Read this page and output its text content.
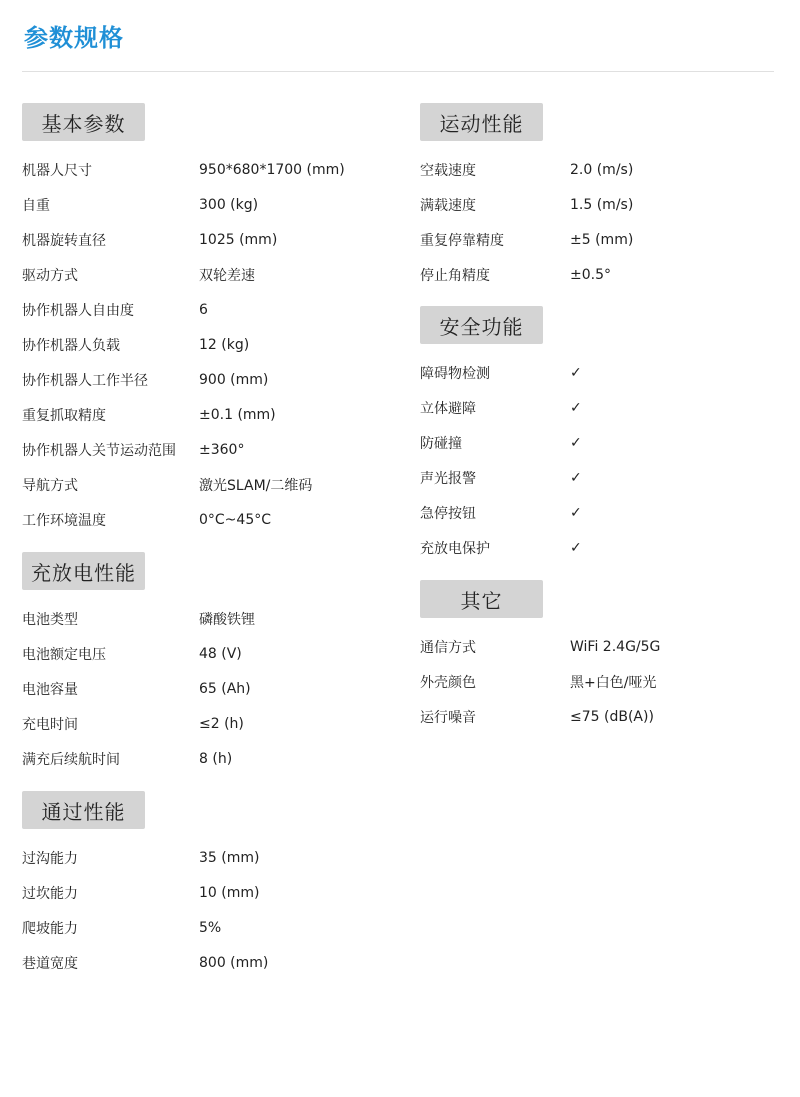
参数规格
基本参数
机器人尺寸	950*680*1700 (mm)
自重	300 (kg)
机器旋转直径	1025 (mm)
驱动方式	双轮差速
协作机器人自由度	6
协作机器人负载	12 (kg)
协作机器人工作半径	900 (mm)
重复抓取精度	±0.1 (mm)
协作机器人关节运动范围	±360°
导航方式	激光SLAM/二维码
工作环境温度	0°C~45°C
充放电性能
电池类型	磷酸铁锂
电池额定电压	48 (V)
电池容量	65 (Ah)
充电时间	≤2 (h)
满充后续航时间	8 (h)
通过性能
过沟能力	35 (mm)
过坎能力	10 (mm)
爬坡能力	5%
巷道宽度	800 (mm)
运动性能
空载速度	2.0 (m/s)
满载速度	1.5 (m/s)
重复停靠精度	±5 (mm)
停止角精度	±0.5°
安全功能
障碍物检测	✓
立体避障	✓
防碰撞	✓
声光报警	✓
急停按钮	✓
充放电保护	✓
其它
通信方式	WiFi 2.4G/5G
外壳颜色	黑+白色/哑光
运行噪音	≤75 (dB(A))
